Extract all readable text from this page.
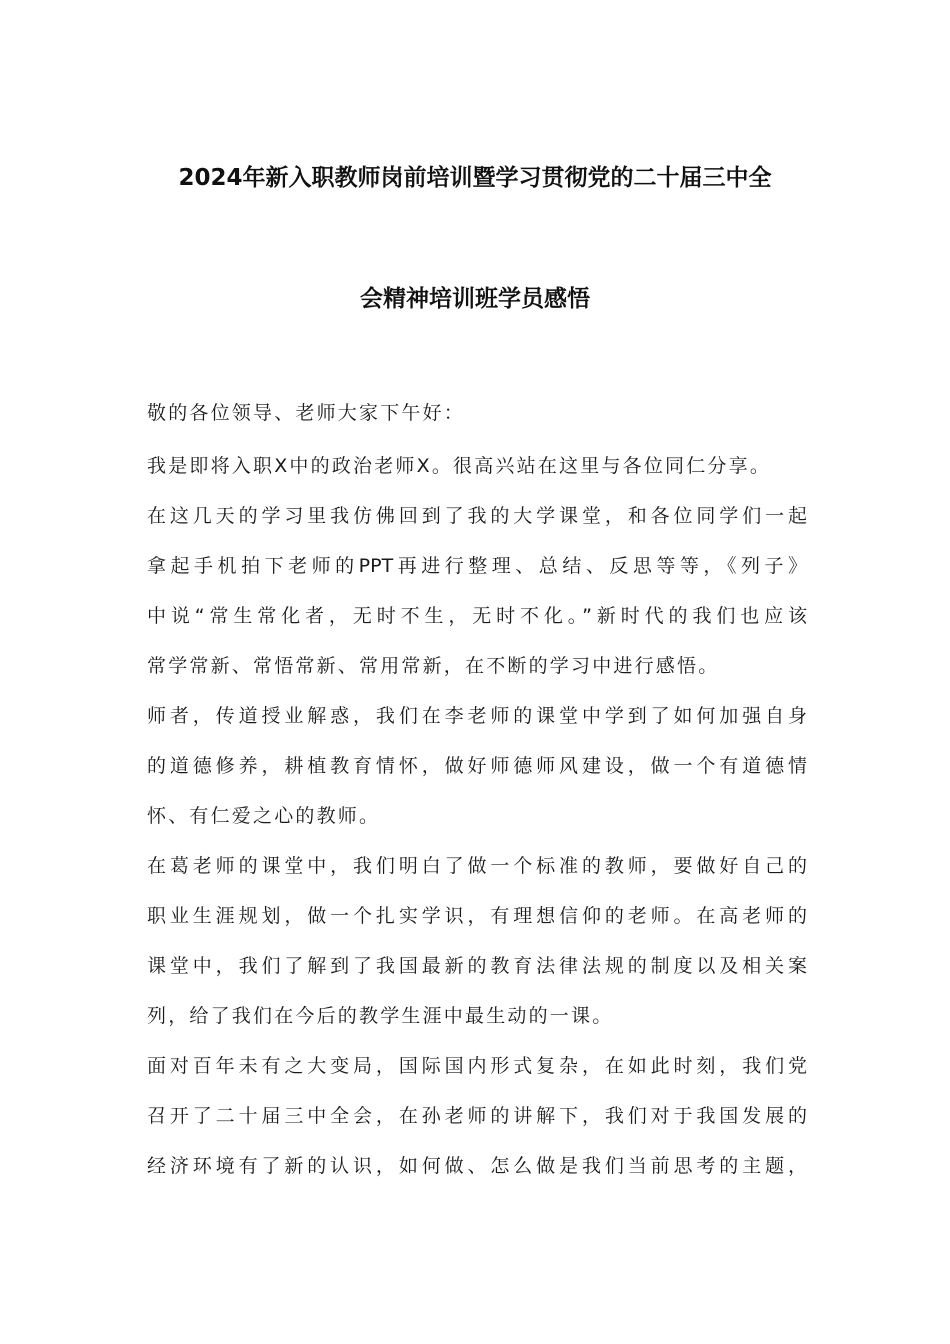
2024年新入职教师岗前培训暨学习贯彻党的二十届三中全
会精神培训班学员感悟
敬的各位领导、老师大家下午好：
我是即将入职X中的政治老师X。很高兴站在这里与各位同仁分享。
在这几天的学习里我仿佛回到了我的大学课堂，和各位同学们一起
拿起手机拍下老师的PPT再进行整理、总结、反思等等，《列子》
中说“常生常化者，无时不生，无时不化。”新时代的我们也应该
常学常新、常悟常新、常用常新，在不断的学习中进行感悟。
师者，传道授业解惑，我们在李老师的课堂中学到了如何加强自身
的道德修养，耕植教育情怀，做好师德师风建设，做一个有道德情
怀、有仁爱之心的教师。
在葛老师的课堂中，我们明白了做一个标准的教师，要做好自己的
职业生涯规划，做一个扎实学识，有理想信仰的老师。在高老师的
课堂中，我们了解到了我国最新的教育法律法规的制度以及相关案
列，给了我们在今后的教学生涯中最生动的一课。
面对百年未有之大变局，国际国内形式复杂，在如此时刻，我们党
召开了二十届三中全会，在孙老师的讲解下，我们对于我国发展的
经济环境有了新的认识，如何做、怎么做是我们当前思考的主题，
